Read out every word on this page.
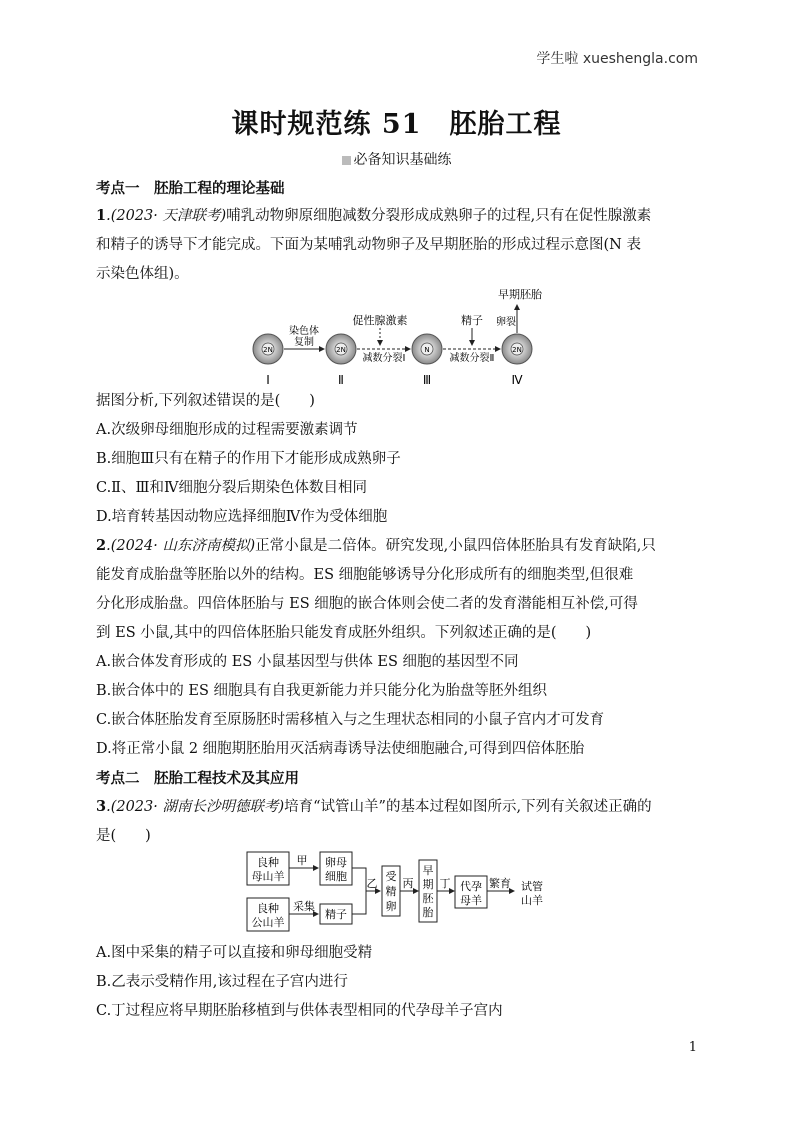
学生啦 xueshengla.com
课时规范练 51　胚胎工程
必备知识基础练
考点一　胚胎工程的理论基础
1.(2023· 天津联考)哺乳动物卵原细胞减数分裂形成成熟卵子的过程,只有在促性腺激素
和精子的诱导下才能完成。下面为某哺乳动物卵子及早期胚胎的形成过程示意图(N 表
示染色体组)。
2N	2N	N	2N
Ⅰ	Ⅱ	Ⅲ	Ⅳ
染色体
复制
减数分裂Ⅰ
促性腺激素
减数分裂Ⅱ
精子 卵裂
早期胚胎
据图分析,下列叙述错误的是(　　)
A.次级卵母细胞形成的过程需要激素调节
B.细胞Ⅲ只有在精子的作用下才能形成成熟卵子
C.Ⅱ、Ⅲ和Ⅳ细胞分裂后期染色体数目相同
D.培育转基因动物应选择细胞Ⅳ作为受体细胞
2.(2024· 山东济南模拟)正常小鼠是二倍体。研究发现,小鼠四倍体胚胎具有发育缺陷,只
能发育成胎盘等胚胎以外的结构。ES 细胞能够诱导分化形成所有的细胞类型,但很难
分化形成胎盘。四倍体胚胎与 ES 细胞的嵌合体则会使二者的发育潜能相互补偿,可得
到 ES 小鼠,其中的四倍体胚胎只能发育成胚外组织。下列叙述正确的是(　　)
A.嵌合体发育形成的 ES 小鼠基因型与供体 ES 细胞的基因型不同
B.嵌合体中的 ES 细胞具有自我更新能力并只能分化为胎盘等胚外组织
C.嵌合体胚胎发育至原肠胚时需移植入与之生理状态相同的小鼠子宫内才可发育
D.将正常小鼠 2 细胞期胚胎用灭活病毒诱导法使细胞融合,可得到四倍体胚胎
考点二　胚胎工程技术及其应用
3.(2023· 湖南长沙明德联考)培育“试管山羊”的基本过程如图所示,下列有关叙述正确的
是(　　)
良种
母山羊
良种
公山羊
甲
采集
卵母
细胞
精子
乙
受
精
卵
丙
早
期
胚
胎
丁 代孕
母羊
繁育 试管
山羊
A.图中采集的精子可以直接和卵母细胞受精
B.乙表示受精作用,该过程在子宫内进行
C.丁过程应将早期胚胎移植到与供体表型相同的代孕母羊子宫内
1
